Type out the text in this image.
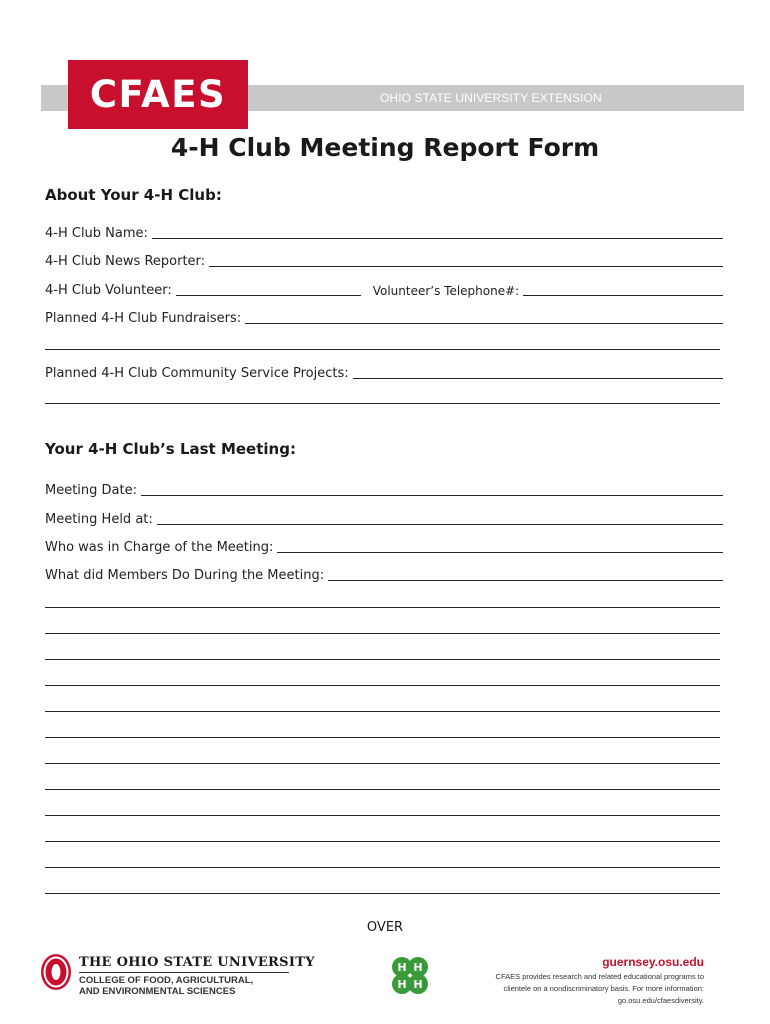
OHIO STATE UNIVERSITY EXTENSION
CFAES
4-H Club Meeting Report Form
About Your 4-H Club:
4-H Club Name:
4-H Club News Reporter:
4-H Club Volunteer:	Volunteer’s Telephone#:
Planned 4-H Club Fundraisers:
Planned 4-H Club Community Service Projects:
Your 4-H Club’s Last Meeting:
Meeting Date:
Meeting Held at:
Who was in Charge of the Meeting:
What did Members Do During the Meeting:
OVER
THE OHIO STATE UNIVERSITY
COLLEGE OF FOOD, AGRICULTURAL,
AND ENVIRONMENTAL SCIENCES
H H
H H
guernsey.osu.edu
CFAES provides research and related educational programs to
clientele on a nondiscriminatory basis. For more information:
go.osu.edu/cfaesdiversity.
